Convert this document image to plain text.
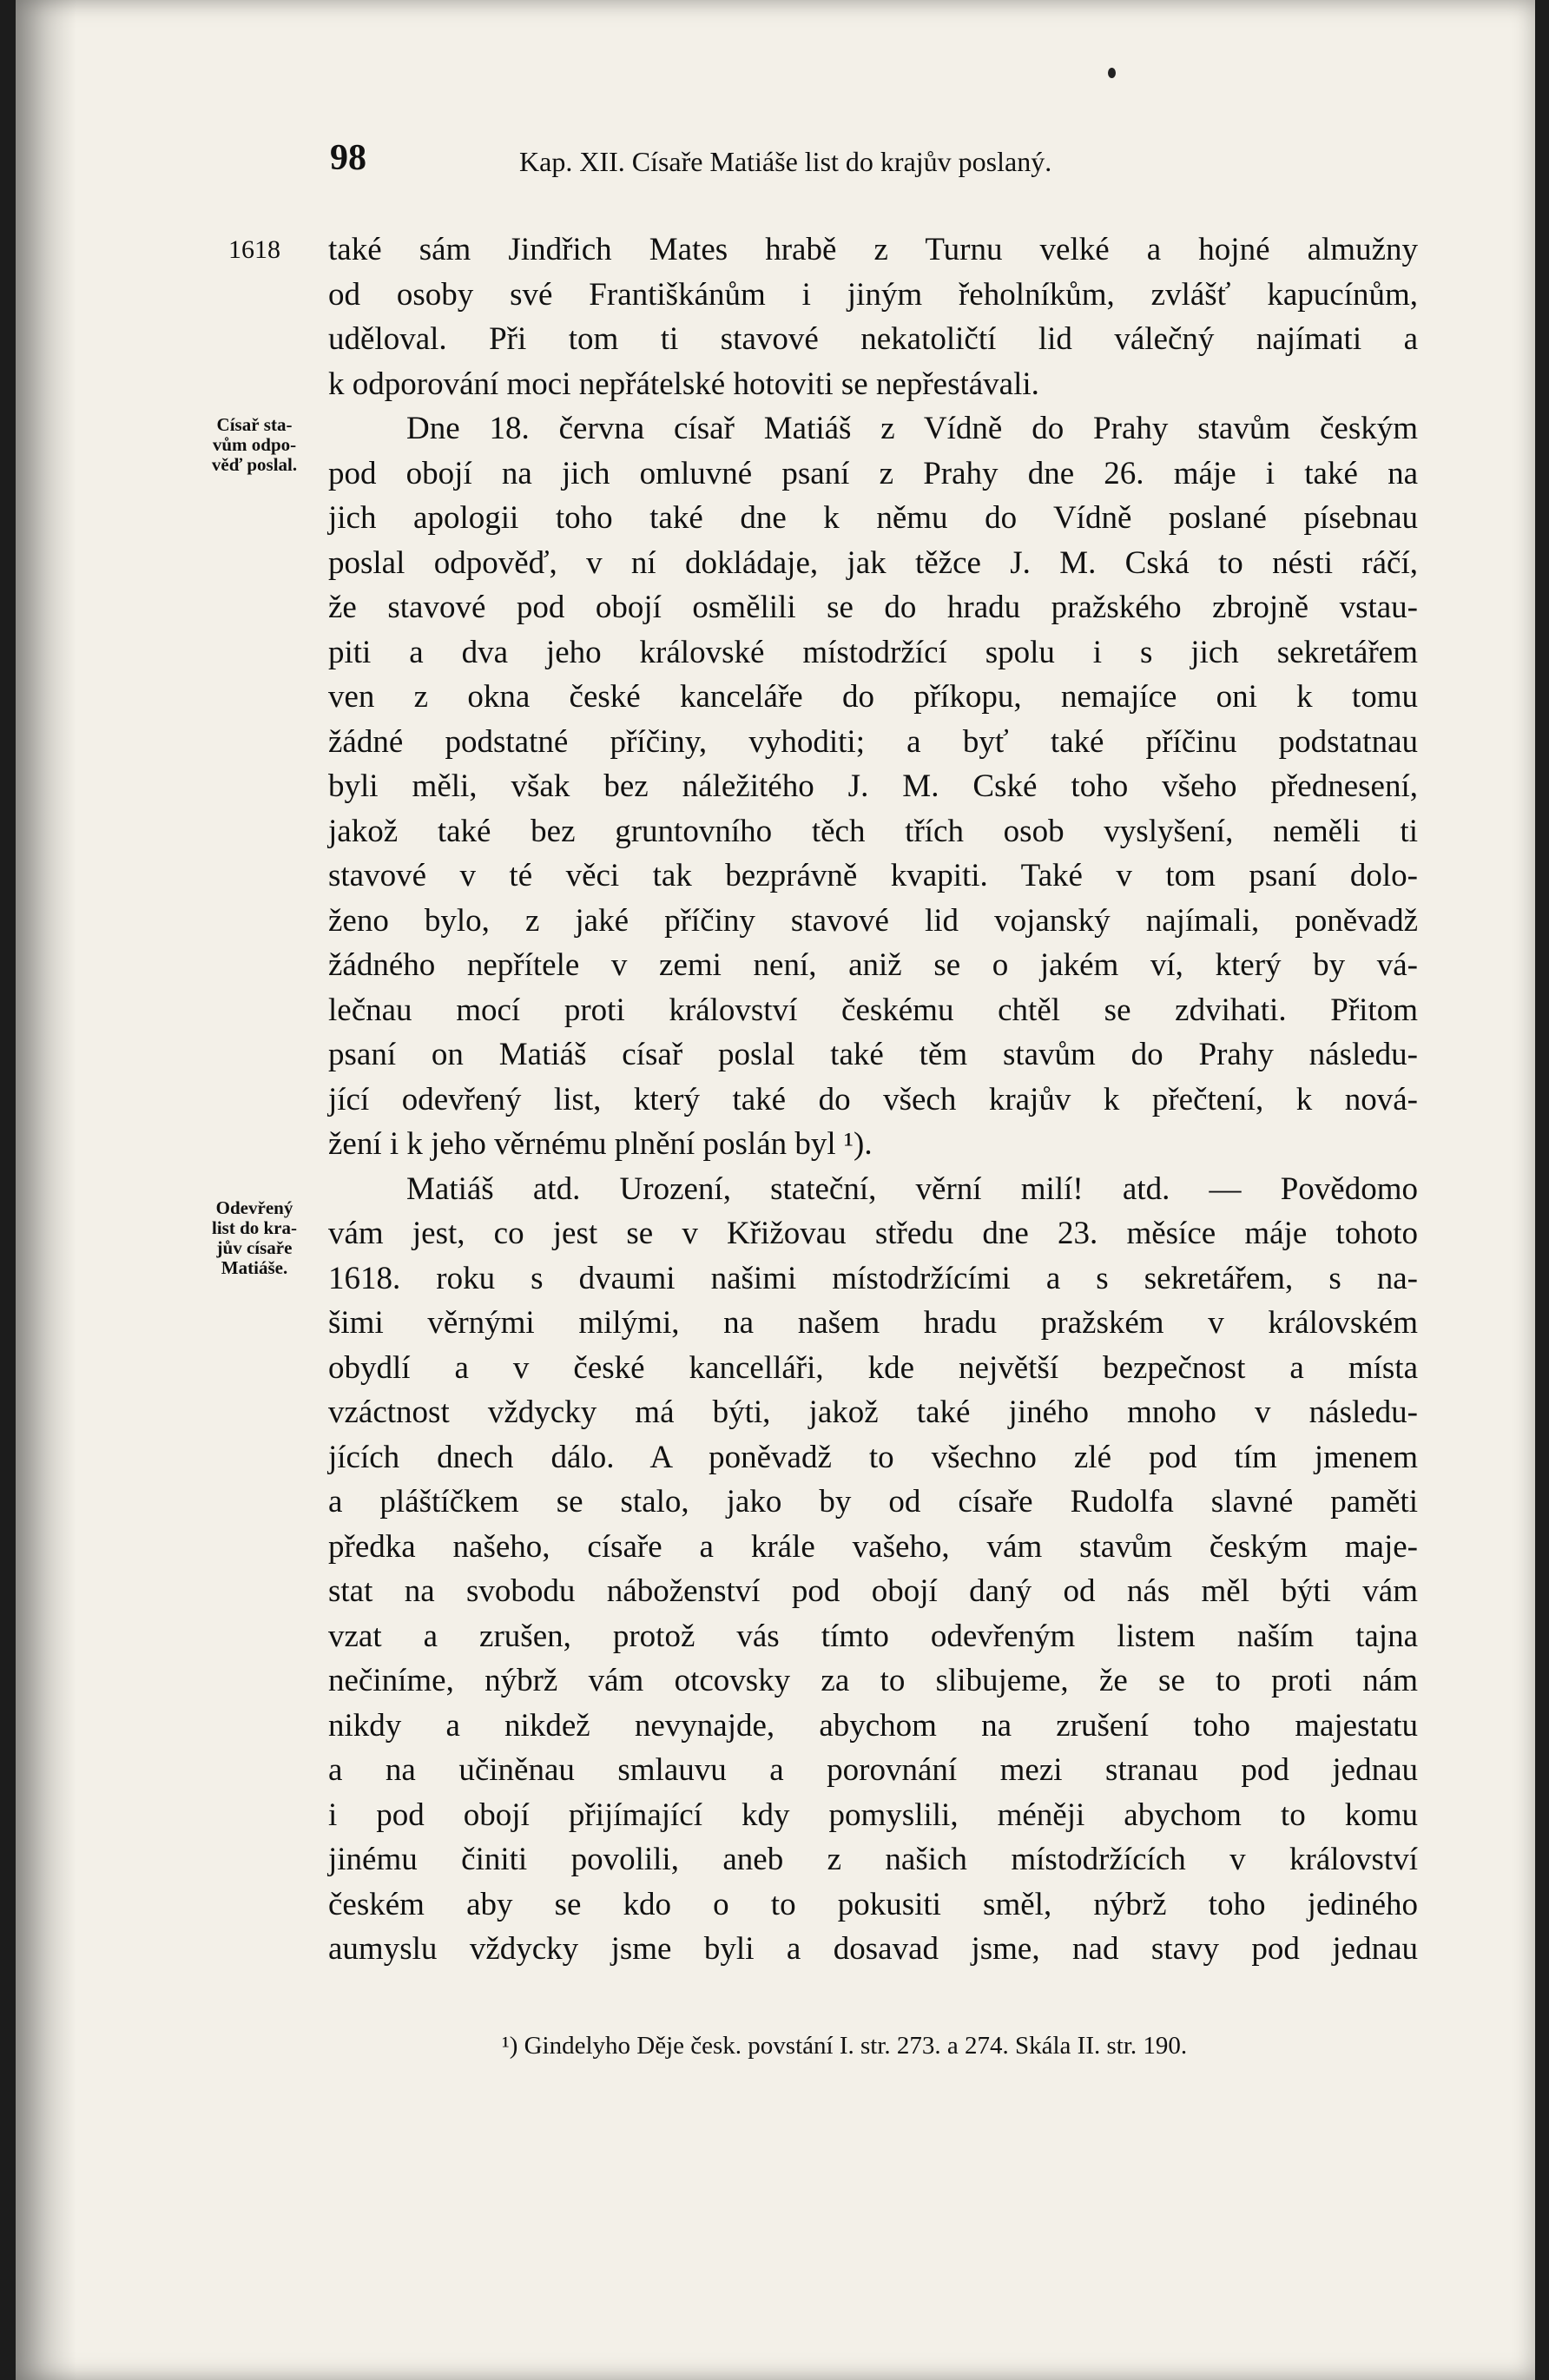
98	Kap. XII. Císaře Matiáše list do krajův poslaný.
1618
Císař sta-
vům odpo-
věď poslal.
Odevřený
list do kra-
jův císaře
Matiáše.
také sám Jindřich Mates hrabě z Turnu velké a hojné almužny
od osoby své Františkánům i jiným řeholníkům, zvlášť kapucínům,
uděloval. Při tom ti stavové nekatoličtí lid válečný najímati a
k odporování moci nepřátelské hotoviti se nepřestávali.
Dne 18. června císař Matiáš z Vídně do Prahy stavům českým
pod obojí na jich omluvné psaní z Prahy dne 26. máje i také na
jich apologii toho také dne k němu do Vídně poslané písebnau
poslal odpověď, v ní dokládaje, jak těžce J. M. Cská to nésti ráčí,
že stavové pod obojí osmělili se do hradu pražského zbrojně vstau-
piti a dva jeho královské místodržící spolu i s jich sekretářem
ven z okna české kanceláře do příkopu, nemajíce oni k tomu
žádné podstatné příčiny, vyhoditi; a byť také příčinu podstatnau
byli měli, však bez náležitého J. M. Cské toho všeho přednesení,
jakož také bez gruntovního těch třích osob vyslyšení, neměli ti
stavové v té věci tak bezprávně kvapiti. Také v tom psaní dolo-
ženo bylo, z jaké příčiny stavové lid vojanský najímali, poněvadž
žádného nepřítele v zemi není, aniž se o jakém ví, který by vá-
lečnau mocí proti království českému chtěl se zdvihati. Přitom
psaní on Matiáš císař poslal také těm stavům do Prahy následu-
jící odevřený list, který také do všech krajův k přečtení, k nová-
žení i k jeho věrnému plnění poslán byl ¹).
Matiáš atd. Urození, stateční, věrní milí! atd. — Povědomo
vám jest, co jest se v Křižovau středu dne 23. měsíce máje tohoto
1618. roku s dvaumi našimi místodržícími a s sekretářem, s na-
šimi věrnými milými, na našem hradu pražském v královském
obydlí a v české kancelláři, kde největší bezpečnost a místa
vzáctnost vždycky má býti, jakož také jiného mnoho v následu-
jících dnech dálo. A poněvadž to všechno zlé pod tím jmenem
a pláštíčkem se stalo, jako by od císaře Rudolfa slavné paměti
předka našeho, císaře a krále vašeho, vám stavům českým maje-
stat na svobodu náboženství pod obojí daný od nás měl býti vám
vzat a zrušen, protož vás tímto odevřeným listem naším tajna
nečiníme, nýbrž vám otcovsky za to slibujeme, že se to proti nám
nikdy a nikdež nevynajde, abychom na zrušení toho majestatu
a na učiněnau smlauvu a porovnání mezi stranau pod jednau
i pod obojí přijímající kdy pomyslili, méněji abychom to komu
jinému činiti povolili, aneb z našich místodržících v království
českém aby se kdo o to pokusiti směl, nýbrž toho jediného
aumyslu vždycky jsme byli a dosavad jsme, nad stavy pod jednau
¹) Gindelyho Děje česk. povstání I. str. 273. a 274. Skála II. str. 190.
